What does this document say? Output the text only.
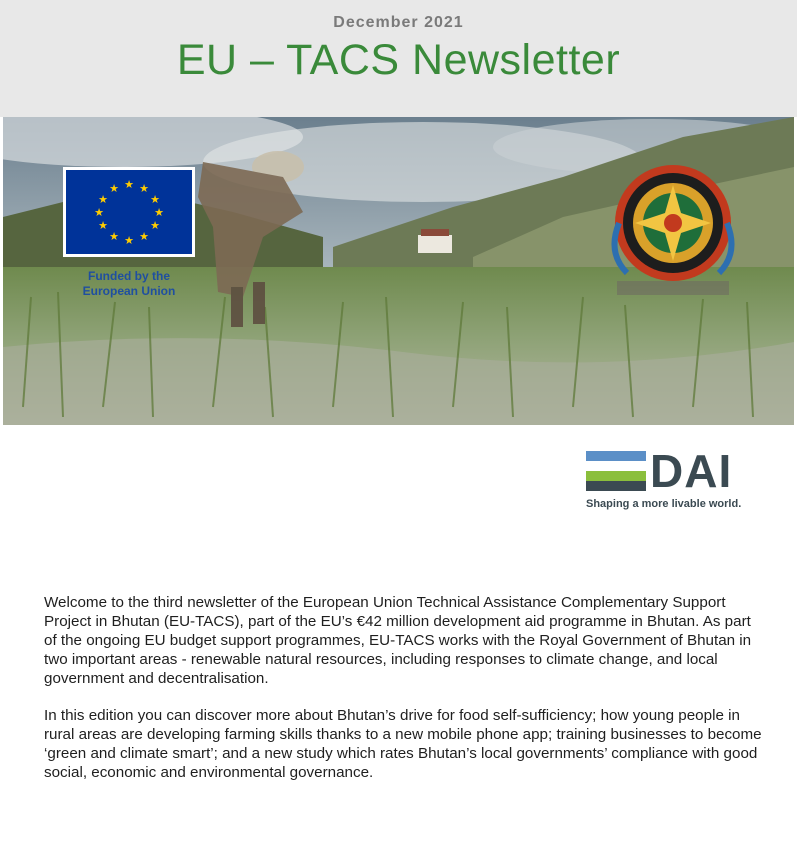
December 2021
EU – TACS Newsletter
★ ★
★
★
★
★
★
★
★
★
★
★
Funded by the
European Union
DAI
Shaping a more livable world.

Welcome to the third newsletter of the European Union Technical Assistance Complementary Support Project in Bhutan (EU-TACS), part of the EU’s €42 million development aid programme in Bhutan. As part of the ongoing EU budget support programmes, EU-TACS works with the Royal Government of Bhutan in two important areas - renewable natural resources, including responses to climate change, and local government and decentralisation.

In this edition you can discover more about Bhutan’s drive for food self-sufficiency; how young people in rural areas are developing farming skills thanks to a new mobile phone app; training businesses to become ‘green and climate smart’; and a new study which rates Bhutan’s local governments’ compliance with good social, economic and environmental governance.
